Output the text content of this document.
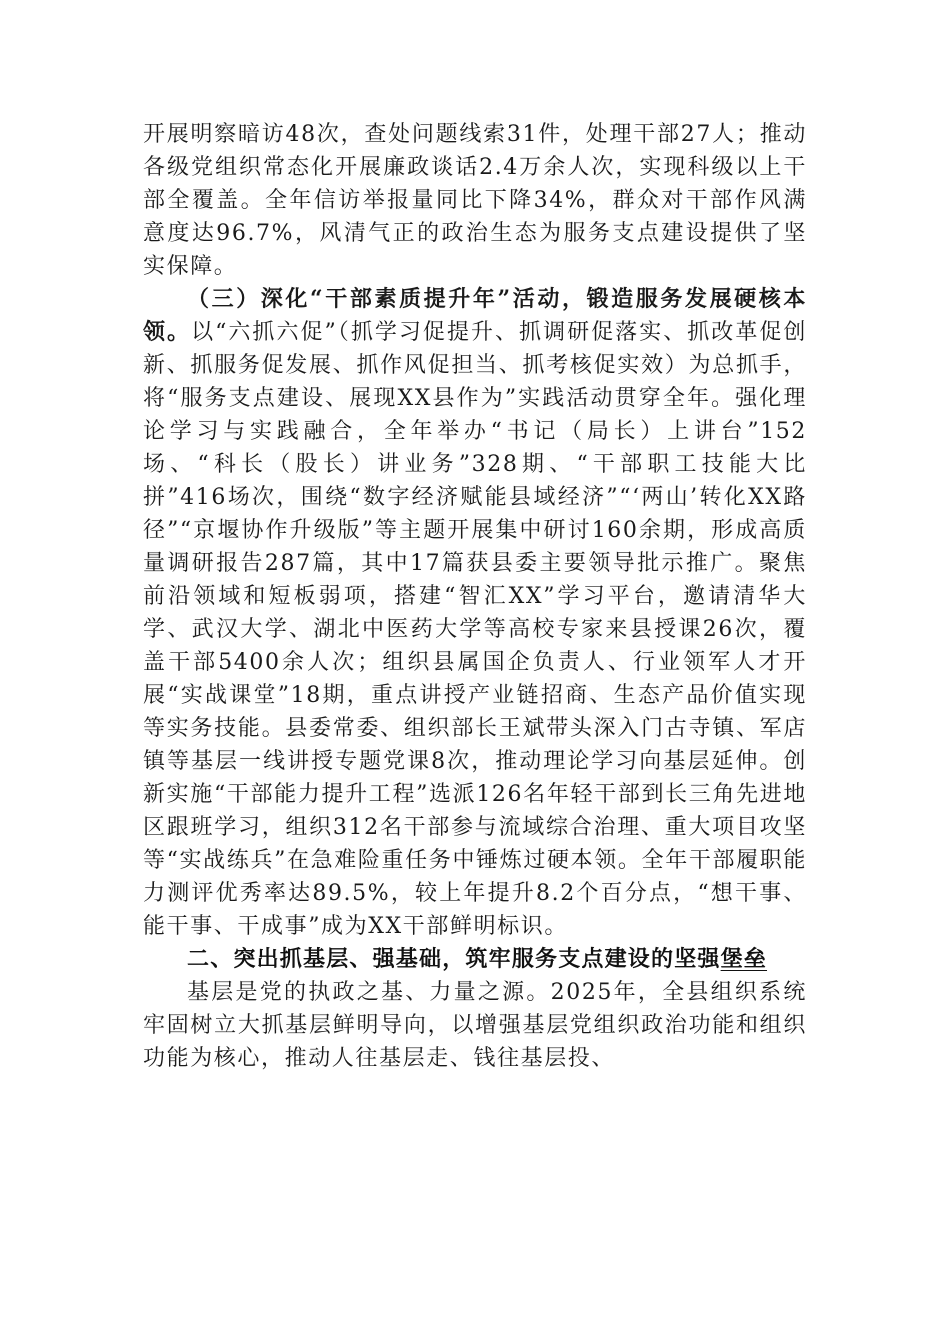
开展明察暗访48次，查处问题线索31件，处理干部27人；推动各级党组织常态化开展廉政谈话2.4万余人次，实现科级以上干部全覆盖。全年信访举报量同比下降34%，群众对干部作风满意度达96.7%，风清气正的政治生态为服务支点建设提供了坚实保障。

（三）深化“干部素质提升年”活动，锻造服务发展硬核本领。以“六抓六促”（抓学习促提升、抓调研促落实、抓改革促创新、抓服务促发展、抓作风促担当、抓考核促实效）为总抓手，将“服务支点建设、展现XX县作为”实践活动贯穿全年。强化理论学习与实践融合，全年举办“书记（局长）上讲台”152场、“科长（股长）讲业务”328期、“干部职工技能大比拼”416场次，围绕“数字经济赋能县域经济”“‘两山’转化XX路径”“京堰协作升级版”等主题开展集中研讨160余期，形成高质量调研报告287篇，其中17篇获县委主要领导批示推广。聚焦前沿领域和短板弱项，搭建“智汇XX”学习平台，邀请清华大学、武汉大学、湖北中医药大学等高校专家来县授课26次，覆盖干部5400余人次；组织县属国企负责人、行业领军人才开展“实战课堂”18期，重点讲授产业链招商、生态产品价值实现等实务技能。县委常委、组织部长王斌带头深入门古寺镇、军店镇等基层一线讲授专题党课8次，推动理论学习向基层延伸。创新实施“干部能力提升工程”选派126名年轻干部到长三角先进地区跟班学习，组织312名干部参与流域综合治理、重大项目攻坚等“实战练兵”在急难险重任务中锤炼过硬本领。全年干部履职能力测评优秀率达89.5%，较上年提升8.2个百分点，“想干事、能干事、干成事”成为XX干部鲜明标识。

二、突出抓基层、强基础，筑牢服务支点建设的坚强堡垒

基层是党的执政之基、力量之源。2025年，全县组织系统牢固树立大抓基层鲜明导向，以增强基层党组织政治功能和组织功能为核心，推动人往基层走、钱往基层投、
